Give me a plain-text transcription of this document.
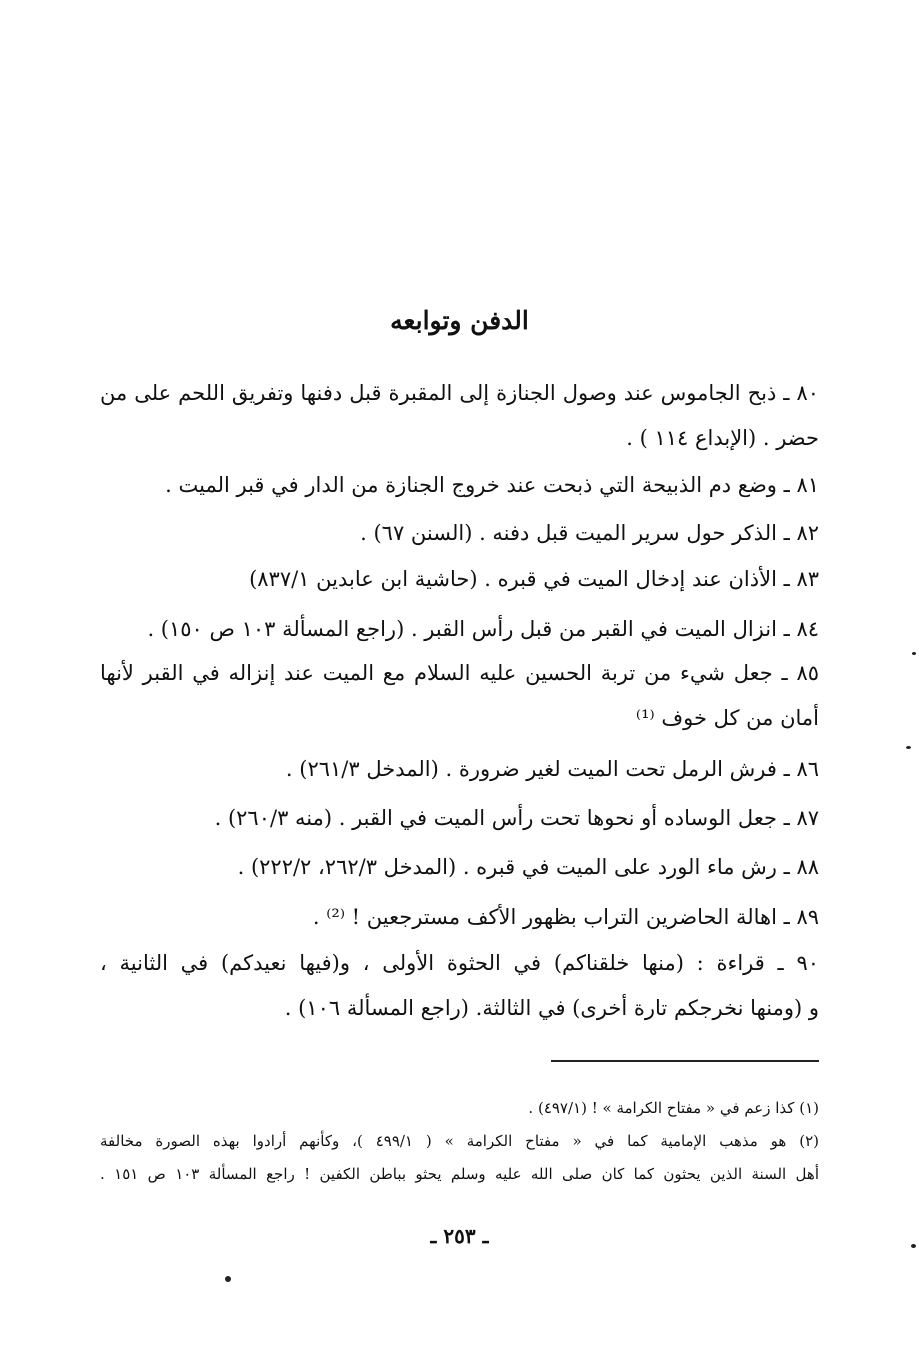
الدفن وتوابعه
٨٠ ـ ذبح الجاموس عند وصول الجنازة إلى المقبرة قبل دفنها وتفريق اللحم على من
حضر . (الإبداع ١١٤ ) .
٨١ ـ وضع دم الذبيحة التي ذبحت عند خروج الجنازة من الدار في قبر الميت .
٨٢ ـ الذكر حول سرير الميت قبل دفنه . (السنن ٦٧) .
٨٣ ـ الأذان عند إدخال الميت في قبره . (حاشية ابن عابدين ٨٣٧/١)
٨٤ ـ انزال الميت في القبر من قبل رأس القبر . (راجع المسألة ١٠٣ ص ١٥٠) .
٨٥ ـ جعل شيء من تربة الحسين عليه السلام مع الميت عند إنزاله في القبر لأنها
أمان من كل خوف ⁽¹⁾
٨٦ ـ فرش الرمل تحت الميت لغير ضرورة . (المدخل ٢٦١/٣) .
٨٧ ـ جعل الوساده أو نحوها تحت رأس الميت في القبر . (منه ٢٦٠/٣) .
٨٨ ـ رش ماء الورد على الميت في قبره . (المدخل ٢٦٢/٣، ٢٢٢/٢) .
٨٩ ـ اهالة الحاضرين التراب بظهور الأكف مسترجعين ! ⁽²⁾ .
٩٠ ـ قراءة : (منها خلقناكم) في الحثوة الأولى ، و(فيها نعيدكم) في الثانية ،
و (ومنها نخرجكم تارة أخرى) في الثالثة. (راجع المسألة ١٠٦) .
(١) كذا زعم في « مفتاح الكرامة » ! (٤٩٧/١) .
(٢) هو مذهب الإمامية كما في « مفتاح الكرامة » ( ٤٩٩/١ )، وكأنهم أرادوا بهذه الصورة مخالفة
أهل السنة الذين يحثون كما كان صلى الله عليه وسلم يحثو بباطن الكفين ! راجع المسألة ١٠٣ ص ١٥١ .
ـ ٢٥٣ ـ
